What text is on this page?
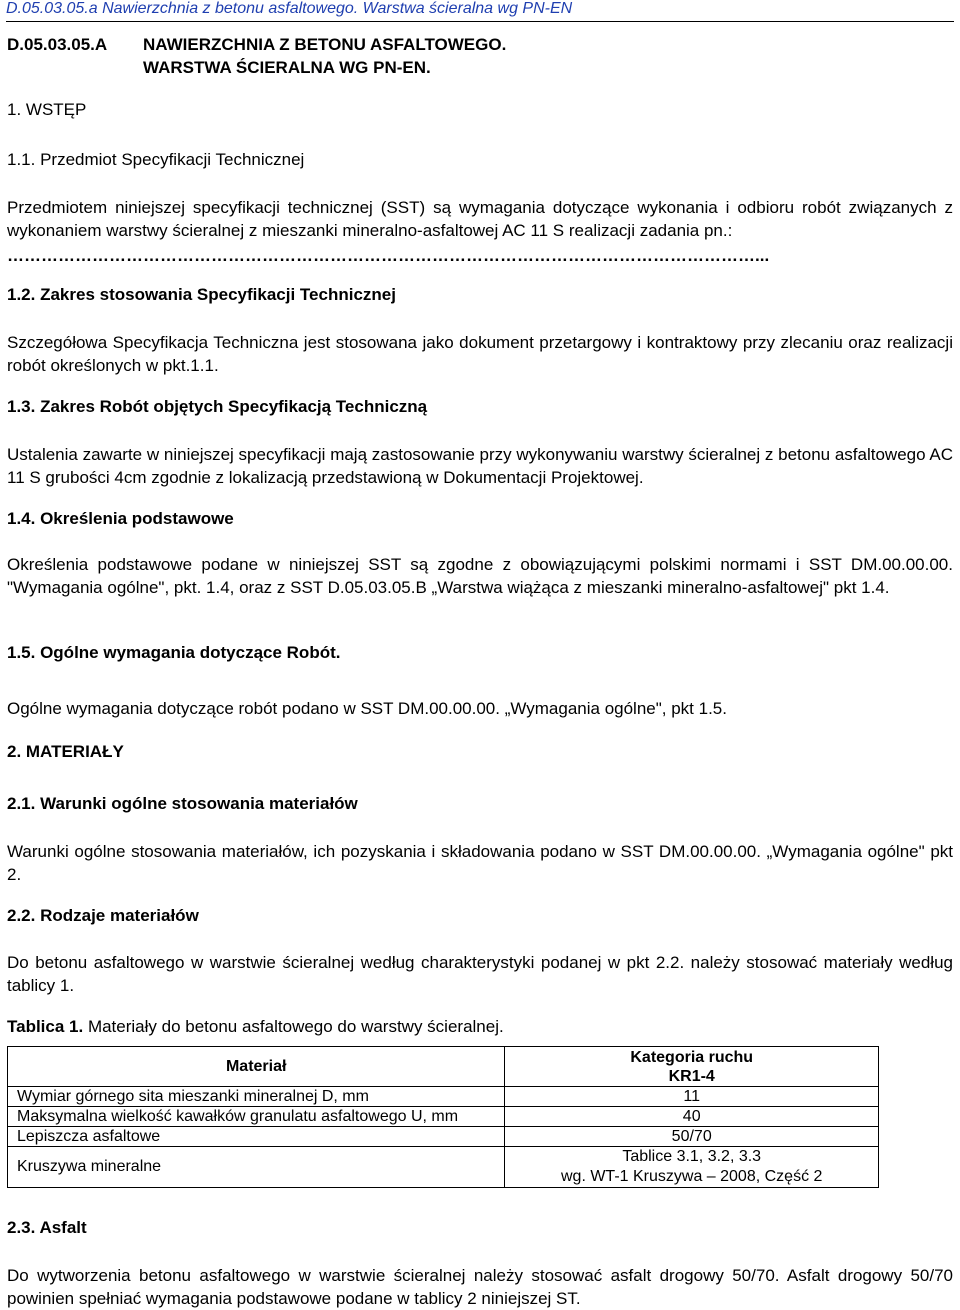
D.05.03.05.a Nawierzchnia z betonu asfaltowego. Warstwa ścieralna wg PN-EN
D.05.03.05.A NAWIERZCHNIA Z BETONU ASFALTOWEGO.
WARSTWA ŚCIERALNA WG PN-EN.
1. WSTĘP
1.1. Przedmiot Specyfikacji Technicznej
Przedmiotem niniejszej specyfikacji technicznej (SST) są wymagania dotyczące wykonania i odbioru robót związanych z wykonaniem warstwy ścieralnej z mieszanki mineralno-asfaltowej AC 11 S realizacji zadania pn.:
……………………………………………………………………………………………………………………...
1.2. Zakres stosowania Specyfikacji Technicznej
Szczegółowa Specyfikacja Techniczna jest stosowana jako dokument przetargowy i kontraktowy przy zlecaniu oraz realizacji robót określonych w pkt.1.1.
1.3. Zakres Robót objętych Specyfikacją Techniczną
Ustalenia zawarte w niniejszej specyfikacji mają zastosowanie przy wykonywaniu warstwy ścieralnej z betonu asfaltowego AC 11 S grubości 4cm zgodnie z lokalizacją przedstawioną w Dokumentacji Projektowej.
1.4. Określenia podstawowe
Określenia podstawowe podane w niniejszej SST są zgodne z obowiązującymi polskimi normami i SST DM.00.00.00. "Wymagania ogólne", pkt. 1.4, oraz z SST D.05.03.05.B „Warstwa wiążąca z mieszanki mineralno-asfaltowej" pkt 1.4.
1.5. Ogólne wymagania dotyczące Robót.
Ogólne wymagania dotyczące robót podano w SST DM.00.00.00. „Wymagania ogólne", pkt 1.5.
2. MATERIAŁY
2.1. Warunki ogólne stosowania materiałów
Warunki ogólne stosowania materiałów, ich pozyskania i składowania podano w SST DM.00.00.00. „Wymagania ogólne" pkt 2.
2.2. Rodzaje materiałów
Do betonu asfaltowego w warstwie ścieralnej według charakterystyki podanej w pkt 2.2. należy stosować materiały według tablicy 1.
Tablica 1. Materiały do betonu asfaltowego do warstwy ścieralnej.
Materiał	Kategoria ruchu
KR1-4

Wymiar górnego sita mieszanki mineralnej D, mm	11
Maksymalna wielkość kawałków granulatu asfaltowego U, mm	40
Lepiszcza asfaltowe	50/70
Kruszywa mineralne	Tablice 3.1, 3.2, 3.3
wg. WT-1 Kruszywa – 2008, Część 2
2.3. Asfalt
Do wytworzenia betonu asfaltowego w warstwie ścieralnej należy stosować asfalt drogowy 50/70. Asfalt drogowy 50/70 powinien spełniać wymagania podstawowe podane w tablicy 2 niniejszej ST.
